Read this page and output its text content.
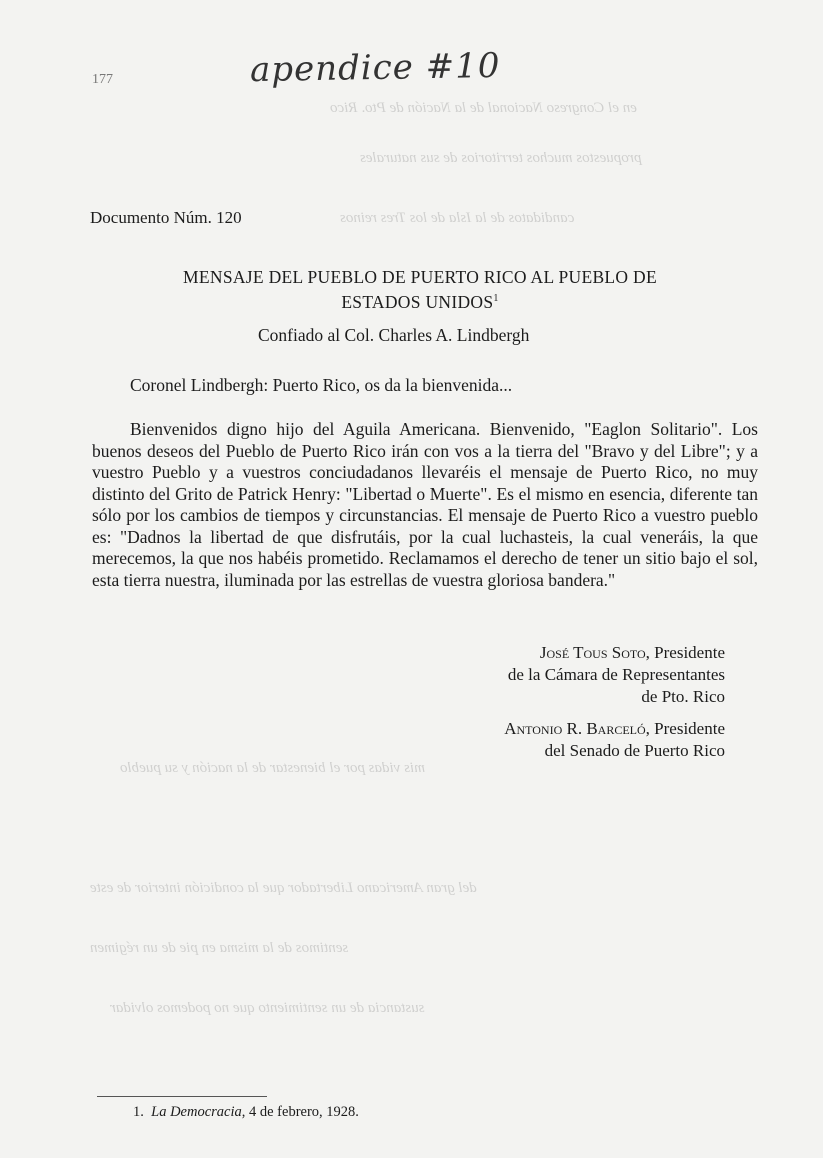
en el Congreso Nacional de la Nación de Pto. Rico
propuestos muchos territorios de sus naturales
candidatos de la Isla de los Tres reinos
mis vidas por el bienestar de la nación y su pueblo
del gran Americano Libertador que la condición interior de este
sentimos de la misma en pie de un régimen
sustancia de un sentimiento que no podemos olvidar
apendice #10
177
Documento Núm. 120
MENSAJE DEL PUEBLO DE PUERTO RICO AL PUEBLO DE
ESTADOS UNIDOS$^1$
Confiado al Col. Charles A. Lindbergh
Coronel Lindbergh: Puerto Rico, os da la bienvenida...

Bienvenidos digno hijo del Aguila Americana. Bienvenido, "Eaglon Solitario". Los buenos deseos del Pueblo de Puerto Rico irán con vos a la tierra del "Bravo y del Libre"; y a vuestro Pueblo y a vuestros conciudadanos llevaréis el mensaje de Puerto Rico, no muy distinto del Grito de Patrick Henry: "Libertad o Muerte". Es el mismo en esencia, diferente tan sólo por los cambios de tiempos y circunstancias. El mensaje de Puerto Rico a vuestro pueblo es: "Dadnos la libertad de que disfrutáis, por la cual luchasteis, la cual veneráis, la que merecemos, la que nos habéis prometido. Reclamamos el derecho de tener un sitio bajo el sol, esta tierra nuestra, iluminada por las estrellas de vuestra gloriosa bandera."

José Tous Soto, Presidente
de la Cámara de Representantes
de Pto. Rico
Antonio R. Barceló, Presidente
del Senado de Puerto Rico
1. La Democracia, 4 de febrero, 1928.
